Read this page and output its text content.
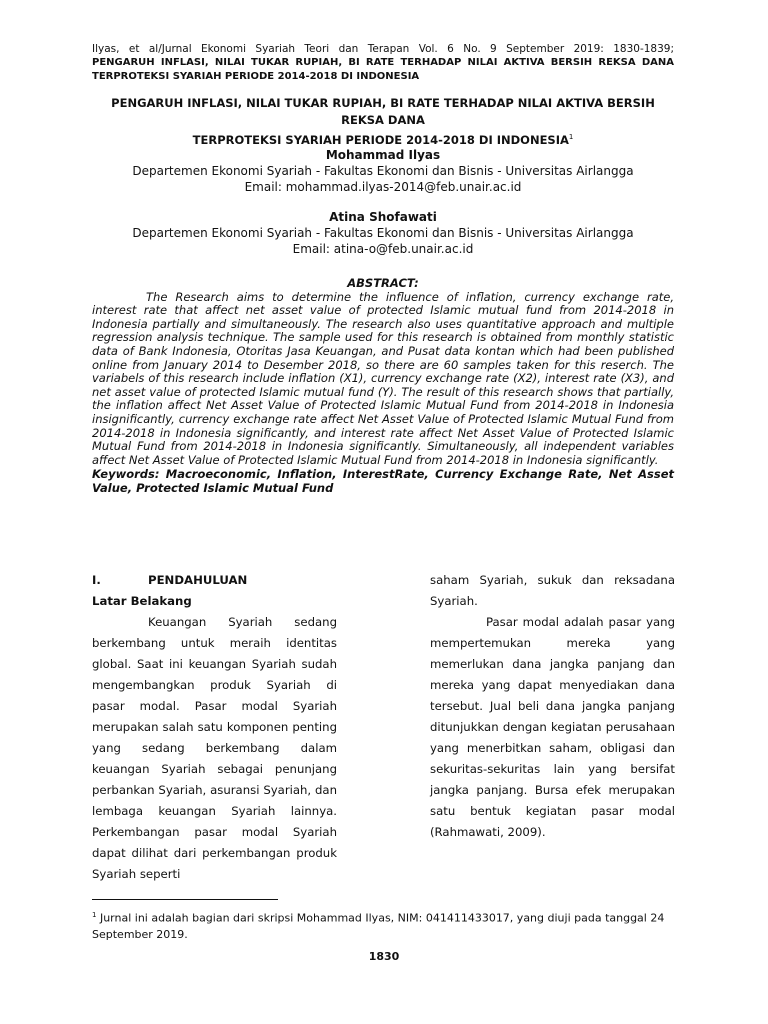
Ilyas, et al/Jurnal Ekonomi Syariah Teori dan Terapan Vol. 6 No. 9 September 2019: 1830-1839;
PENGARUH INFLASI, NILAI TUKAR RUPIAH, BI RATE TERHADAP NILAI AKTIVA BERSIH REKSA DANA
TERPROTEKSI SYARIAH PERIODE 2014-2018 DI INDONESIA
PENGARUH INFLASI, NILAI TUKAR RUPIAH, BI RATE TERHADAP NILAI AKTIVA BERSIH REKSA DANA
TERPROTEKSI SYARIAH PERIODE 2014-2018 DI INDONESIA$^1$
Mohammad Ilyas
Departemen Ekonomi Syariah - Fakultas Ekonomi dan Bisnis - Universitas Airlangga
Email: mohammad.ilyas-2014@feb.unair.ac.id
Atina Shofawati
Departemen Ekonomi Syariah - Fakultas Ekonomi dan Bisnis - Universitas Airlangga
Email: atina-o@feb.unair.ac.id
ABSTRACT:
The Research aims to determine the influence of inflation, currency exchange rate, interest rate that affect net asset value of protected Islamic mutual fund from 2014-2018 in Indonesia partially and simultaneously. The research also uses quantitative approach and multiple regression analysis technique. The sample used for this research is obtained from monthly statistic data of Bank Indonesia, Otoritas Jasa Keuangan, and Pusat data kontan which had been published online from January 2014 to Desember 2018, so there are 60 samples taken for this reserch. The variabels of this research include inflation (X1), currency exchange rate (X2), interest rate (X3), and net asset value of protected Islamic mutual fund (Y). The result of this research shows that partially, the inflation affect Net Asset Value of Protected Islamic Mutual Fund from 2014-2018 in Indonesia insignificantly, currency exchange rate affect Net Asset Value of Protected Islamic Mutual Fund from 2014-2018 in Indonesia significantly, and interest rate affect Net Asset Value of Protected Islamic Mutual Fund from 2014-2018 in Indonesia significantly. Simultaneously, all independent variables affect Net Asset Value of Protected Islamic Mutual Fund from 2014-2018 in Indonesia significantly.
Keywords: Macroeconomic, Inflation, InterestRate, Currency Exchange Rate, Net Asset Value, Protected Islamic Mutual Fund
I.	PENDAHULUAN
Latar Belakang

Keuangan Syariah sedang berkembang untuk meraih identitas global. Saat ini keuangan Syariah sudah mengembangkan produk Syariah di pasar modal. Pasar modal Syariah merupakan salah satu komponen penting yang sedang berkembang dalam keuangan Syariah sebagai penunjang perbankan Syariah, asuransi Syariah, dan lembaga keuangan Syariah lainnya. Perkembangan pasar modal Syariah dapat dilihat dari perkembangan produk Syariah seperti

saham Syariah, sukuk dan reksadana Syariah.

Pasar modal adalah pasar yang mempertemukan mereka yang memerlukan dana jangka panjang dan mereka yang dapat menyediakan dana tersebut. Jual beli dana jangka panjang ditunjukkan dengan kegiatan perusahaan yang menerbitkan saham, obligasi dan sekuritas-sekuritas lain yang bersifat jangka panjang. Bursa efek merupakan satu bentuk kegiatan pasar modal (Rahmawati, 2009).

$^1$ Jurnal ini adalah bagian dari skripsi Mohammad Ilyas, NIM: 041411433017, yang diuji pada tanggal 24 September 2019.
1830
